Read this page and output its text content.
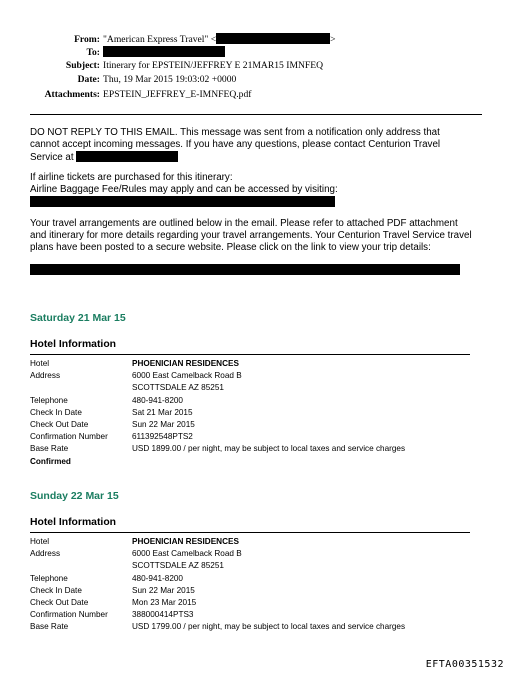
From: "American Express Travel" <	>
To:
Subject: Itinerary for EPSTEIN/JEFFREY E 21MAR15 IMNFEQ
Date: Thu, 19 Mar 2015 19:03:02 +0000
Attachments: EPSTEIN_JEFFREY_E-IMNFEQ.pdf
DO NOT REPLY TO THIS EMAIL. This message was sent from a notification only address that
cannot accept incoming messages. If you have any questions, please contact Centurion Travel
Service at
If airline tickets are purchased for this itinerary:
Airline Baggage Fee/Rules may apply and can be accessed by visiting:
Your travel arrangements are outlined below in the email. Please refer to attached PDF attachment
and itinerary for more details regarding your travel arrangements. Your Centurion Travel Service travel
plans have been posted to a secure website. Please click on the link to view your trip details:
Saturday 21 Mar 15
Hotel Information
Hotel	PHOENICIAN RESIDENCES
Address	6000 East Camelback Road B
SCOTTSDALE AZ 85251
Telephone	480-941-8200
Check In Date	Sat 21 Mar 2015
Check Out Date	Sun 22 Mar 2015
Confirmation Number	611392548PTS2
Base Rate	USD 1899.00 / per night, may be subject to local taxes and service charges
Confirmed
Sunday 22 Mar 15
Hotel Information
Hotel	PHOENICIAN RESIDENCES
Address	6000 East Camelback Road B
SCOTTSDALE AZ 85251
Telephone	480-941-8200
Check In Date	Sun 22 Mar 2015
Check Out Date	Mon 23 Mar 2015
Confirmation Number	388000414PTS3
Base Rate	USD 1799.00 / per night, may be subject to local taxes and service charges
EFTA00351532
